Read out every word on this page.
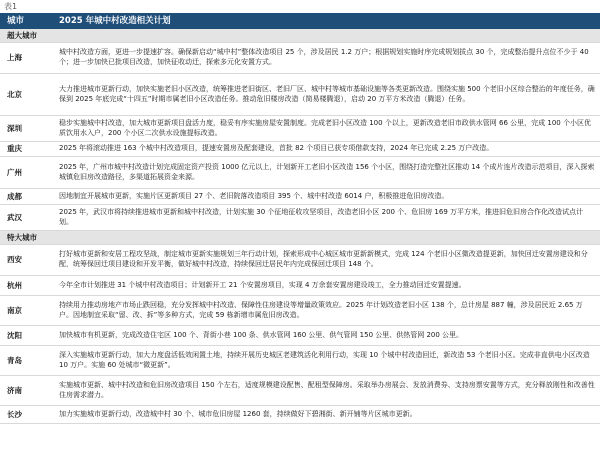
表1
城市	2025 年城中村改造相关计划
超大城市	
上海	城中村改造方面，更进一步提速扩容。确保新启动“城中村”整体改造项目 25 个，涉及居民 1.2 万户；根据规划实施时序完成规划拔点 30 个，完成整治提升点位不少于 40 个；进一步加快已批项目改造，加快征收动迁，探索多元化安置方式。
北京	大力推进城市更新行动，加快实施老旧小区改造，统筹推进老旧街区、老旧厂区、城中村等城市基础设施等各类更新改造。围绕实施 500 个老旧小区综合整治的年度任务，确保到 2025 年底完成“十四五”时期市属老旧小区改造任务。推动危旧楼房改造（简易楼腾退），启动 20 万平方米改造（腾退）任务。
深圳	稳步实施城中村改造，加大城市更新项目盘活力度，稳妥有序实施房屋安置制度。完成老旧小区改造 100 个以上，更新改造老旧市政供水管网 66 公里，完成 100 个小区优质饮用水入户，200 个小区二次供水设施提标改造。
重庆	2025 年将滚动推进 163 个城中村改造项目，提速安置房及配套建设，首批 82 个项目已获专项借款支持，2024 年已完成 2.25 万户改造。
广州	2025 年，广州市城中村改造计划完成固定资产投资 1000 亿元以上，计划新开工老旧小区改造 156 个小区，围绕打造完整社区推动 14 个成片连片改造示范项目，深入探索城镇危旧房改造路径，多渠道拓展资金来源。
成都	因地制宜开展城市更新，实施片区更新项目 27 个、老旧院落改造项目 395 个、城中村改造 6014 户，积极推进危旧房改造。
武汉	2025 年，武汉市将持续推进城市更新和城中村改造，计划实施 30 个征地征收攻坚项目，改造老旧小区 200 个、危旧房 169 万平方米，推进旧危旧房合作化改造试点计划。
特大城市	
西安	打好城市更新和安居工程攻坚战，制定城市更新实施规划三年行动计划，探索形成中心城区城市更新新模式，完成 124 个老旧小区微改造提更新，加快回迁安置房建设和分配，统筹保回迁项目建设和开发平衡，做好城中村改造，持续保回迁居民年内完成保回迁项目 148 个。
杭州	今年全市计划推进 31 个城中村改造项目；计划新开工 21 个安置房项目，实现 4 万余套安置房建设竣工，全力推动回迁安置提速。
南京	持续用力推动房地产市场止跌回稳，充分发挥城中村改造、保障性住房建设等增量政策效应。2025 年计划改造老旧小区 138 个，总计房屋 887 幢，涉及居民近 2.65 万户。因地制宜采取“留、改、拆”等多种方式，完成 59 栋新增市属危旧房改造。
沈阳	加快城市有机更新，完成改造住宅区 100 个、背街小巷 100 条、供水管网 160 公里、供气管网 150 公里、供热管网 200 公里。
青岛	深入实施城市更新行动，加大力度盘活低效闲置土地，持续开展历史城区老建筑活化利用行动，实现 10 个城中村改造回迁，新改造 53 个老旧小区。完成非直供电小区改造 10 万户。实施 60 处城市“微更新”。
济南	实施城市更新、城中村改造和危旧房改造项目 150 个左右，适度规模建设配售、配租型保障房。采取举办房展会、发放消费券、支持房票安置等方式，充分释放刚性和改善性住房需求潜力。
长沙	加力实施城市更新行动，改造城中村 30 个、城市危旧房屋 1260 套，持续做好下碧湘街、新开铺等片区城市更新。
